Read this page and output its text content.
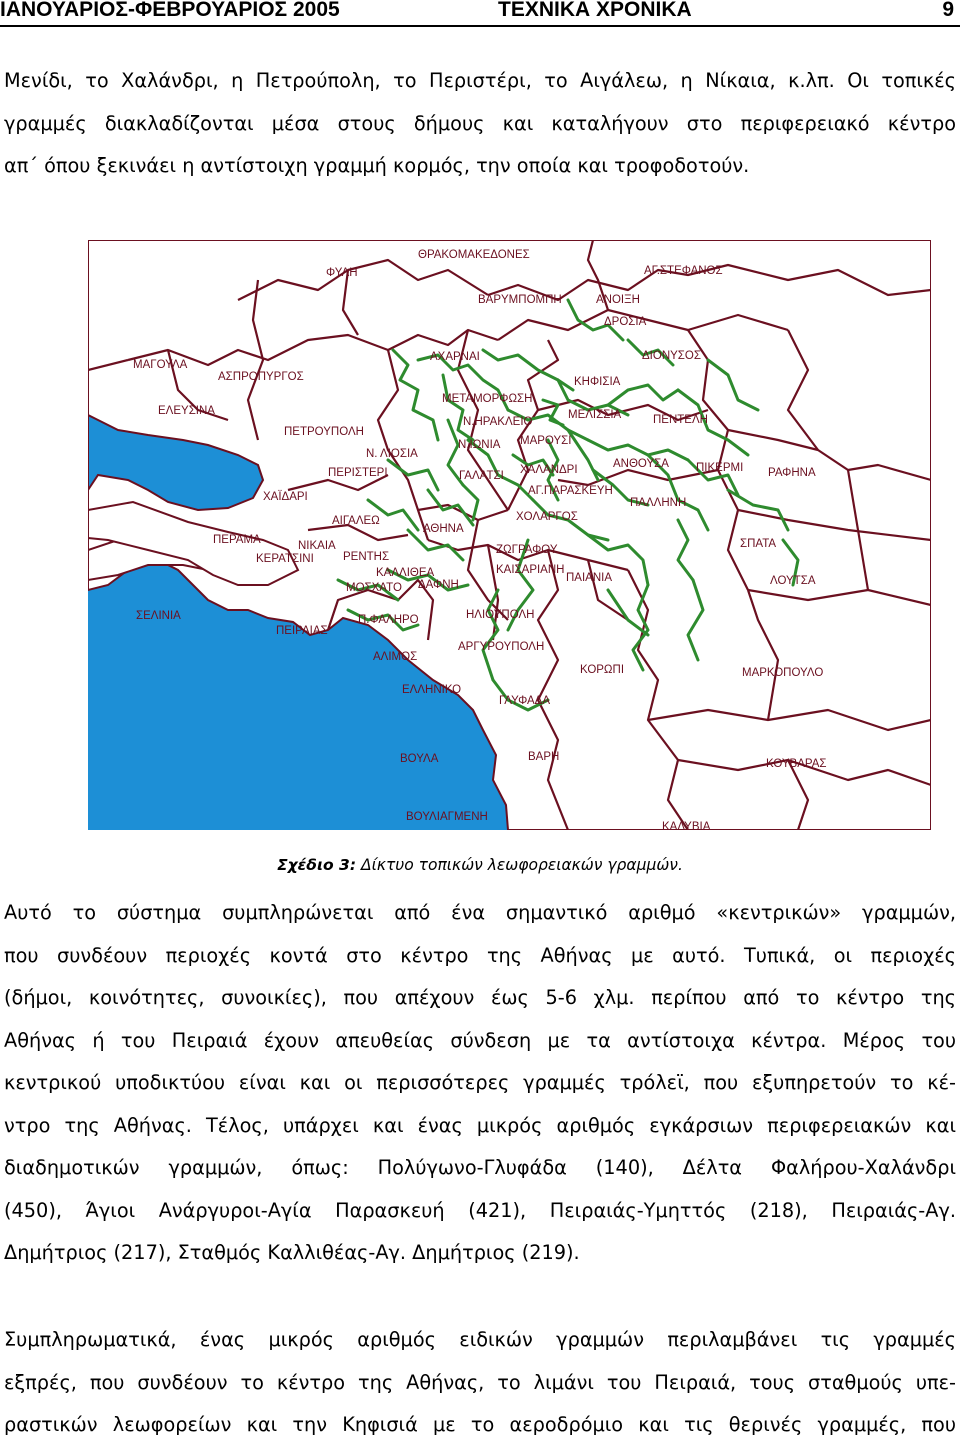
ΙΑΝΟΥΑΡΙΟΣ-ΦΕΒΡΟΥΑΡΙΟΣ 2005	ΤΕΧΝΙΚΑ ΧΡΟΝΙΚΑ	9
Μενίδι, το Χαλάνδρι, η Πετρούπολη, το Περιστέρι, το Αιγάλεω, η Νίκαια, κ.λπ. Οι τοπικές
γραμμές διακλαδίζονται μέσα στους δήμους και καταλήγουν στο περιφερειακό κέντρο
απ΄ όπου ξεκινάει η αντίστοιχη γραμμή κορμός, την οποία και τροφοδοτούν.
ΘΡΑΚΟΜΑΚΕΔΟΝΕΣ
ΦΥΛΗ	ΑΓ.ΣΤΕΦΑΝΟΣ
ΒΑΡΥΜΠΟΜΠΗ	ΑΝΟΙΞΗ
ΔΡΟΣΙΑ
ΜΑΓΟΥΛΑ
ΑΣΠΡΟΠΥΡΓΟΣ
ΑΧΑΡΝΑΙ	ΔΙΟΝΥΣΟΣ
ΚΗΦΙΣΙΑ
ΕΛΕΥΣΙΝΑ
ΜΕΤΑΜΟΡΦΩΣΗ
ΜΕΛΙΣΣΙΑ	ΠΕΝΤΕΛΗ
ΠΕΤΡΟΥΠΟΛΗ
Ν.ΗΡΑΚΛΕΙΟ
Ν.ΙΩΝΙΑ ΜΑΡΟΥΣΙ
Ν. ΛΙΟΣΙΑ
ΠΕΡΙΣΤΕΡΙ	ΓΑΛΑΤΣΙ ΧΑΛΑΝΔΡΙ	ΑΝΘΟΥΣΑ ΠΙΚΕΡΜΙ ΡΑΦΗΝΑ
ΑΓ.ΠΑΡΑΣΚΕΥΗ
ΧΑΪΔΑΡΙ	ΠΑΛΛΗΝΗ
ΧΟΛΑΡΓΟΣ
ΑΙΓΑΛΕΩ
ΑΘΗΝΑ
ΠΕΡΑΜΑ	ΝΙΚΑΙΑ	ΖΩΓΡΑΦΟΥ	ΣΠΑΤΑ
ΚΕΡΑΤΣΙΝΙ	ΡΕΝΤΗΣ
ΚΑΛΛΙΘΕΑ	ΚΑΙΣΑΡΙΑΝΗ
ΠΑΙΑΝΙΑ
ΜΟΣΧΑΤΟ ΔΑΦΝΗ	ΛΟΥΤΣΑ
ΣΕΛΙΝΙΑ	ΗΛΙΟΥΠΟΛΗ
Π.ΦΑΛΗΡΟ
ΠΕΙΡΑΙΑΣ
ΑΡΓΥΡΟΥΠΟΛΗ
ΑΛΙΜΟΣ
ΚΟΡΩΠΙ	ΜΑΡΚΟΠΟΥΛΟ
ΕΛΛΗΝΙΚΟ
ΓΛΥΦΑΔΑ
ΒΑΡΗ
ΒΟΥΛΑ	ΚΟΥΒΑΡΑΣ
ΒΟΥΛΙΑΓΜΕΝΗ
ΚΑΛΥΒΙΑ
Σχέδιο 3: Δίκτυο τοπικών λεωφορειακών γραμμών.
Αυτό το σύστημα συμπληρώνεται από ένα σημαντικό αριθμό «κεντρικών» γραμμών,
που συνδέουν περιοχές κοντά στο κέντρο της Αθήνας με αυτό. Τυπικά, οι περιοχές
(δήμοι, κοινότητες, συνοικίες), που απέχουν έως 5-6 χλμ. περίπου από το κέντρο της
Αθήνας ή του Πειραιά έχουν απευθείας σύνδεση με τα αντίστοιχα κέντρα. Μέρος του
κεντρικού υποδικτύου είναι και οι περισσότερες γραμμές τρόλεϊ, που εξυπηρετούν το κέ-
ντρο της Αθήνας. Τέλος, υπάρχει και ένας μικρός αριθμός εγκάρσιων περιφερειακών και
διαδημοτικών γραμμών, όπως: Πολύγωνο-Γλυφάδα (140), Δέλτα Φαλήρου-Χαλάνδρι
(450), Άγιοι Ανάργυροι-Αγία Παρασκευή (421), Πειραιάς-Υμηττός (218), Πειραιάς-Αγ.
Δημήτριος (217), Σταθμός Καλλιθέας-Αγ. Δημήτριος (219).
Συμπληρωματικά, ένας μικρός αριθμός ειδικών γραμμών περιλαμβάνει τις γραμμές
εξπρές, που συνδέουν το κέντρο της Αθήνας, το λιμάνι του Πειραιά, τους σταθμούς υπε-
ραστικών λεωφορείων και την Κηφισιά με το αεροδρόμιο και τις θερινές γραμμές, που
